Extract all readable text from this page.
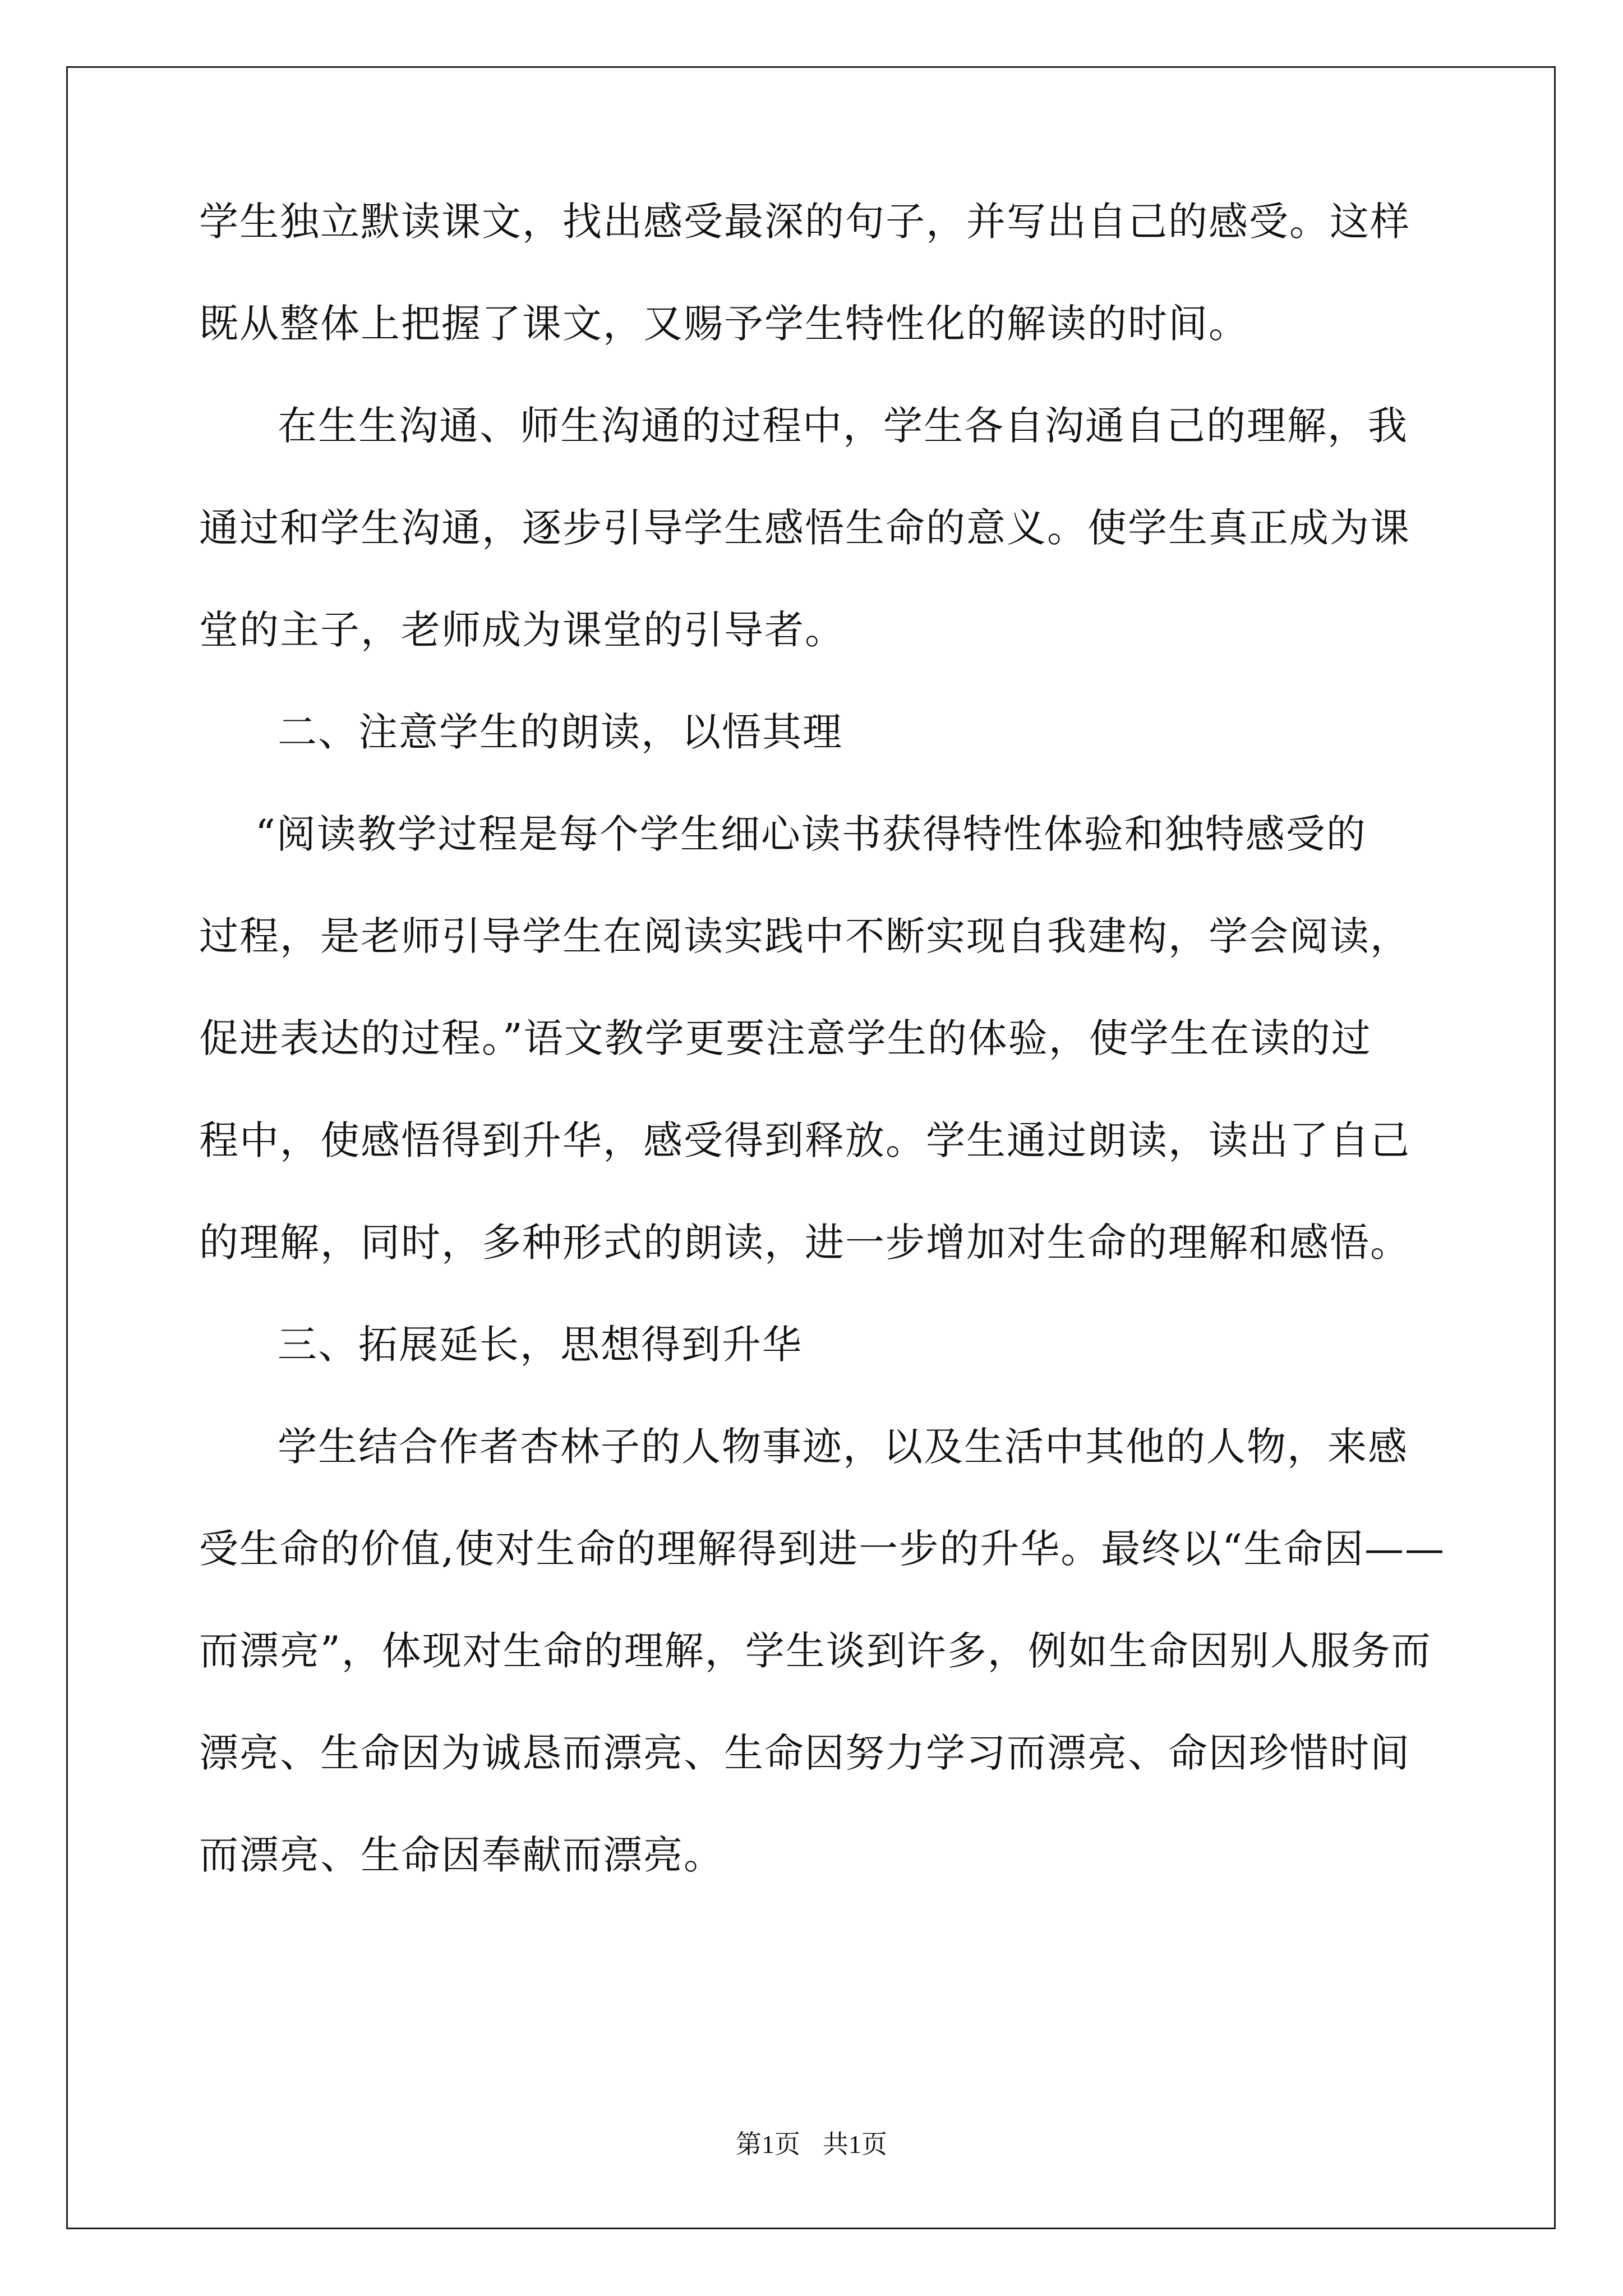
学生独立默读课文，找出感受最深的句子，并写出自己的感受。这样
既从整体上把握了课文，又赐予学生特性化的解读的时间。
在生生沟通、师生沟通的过程中，学生各自沟通自己的理解，我
通过和学生沟通，逐步引导学生感悟生命的意义。使学生真正成为课
堂的主子，老师成为课堂的引导者。
二、注意学生的朗读，以悟其理
“阅读教学过程是每个学生细心读书获得特性体验和独特感受的
过程，是老师引导学生在阅读实践中不断实现自我建构，学会阅读，
促进表达的过程。”语文教学更要注意学生的体验，使学生在读的过
程中，使感悟得到升华，感受得到释放。学生通过朗读，读出了自己
的理解，同时，多种形式的朗读，进一步增加对生命的理解和感悟。
三、拓展延长，思想得到升华
学生结合作者杏林子的人物事迹，以及生活中其他的人物，来感
受生命的价值,使对生命的理解得到进一步的升华。最终以“生命因——
而漂亮”，体现对生命的理解，学生谈到许多，例如生命因别人服务而
漂亮、生命因为诚恳而漂亮、生命因努力学习而漂亮、命因珍惜时间
而漂亮、生命因奉献而漂亮。
第1页 共1页
